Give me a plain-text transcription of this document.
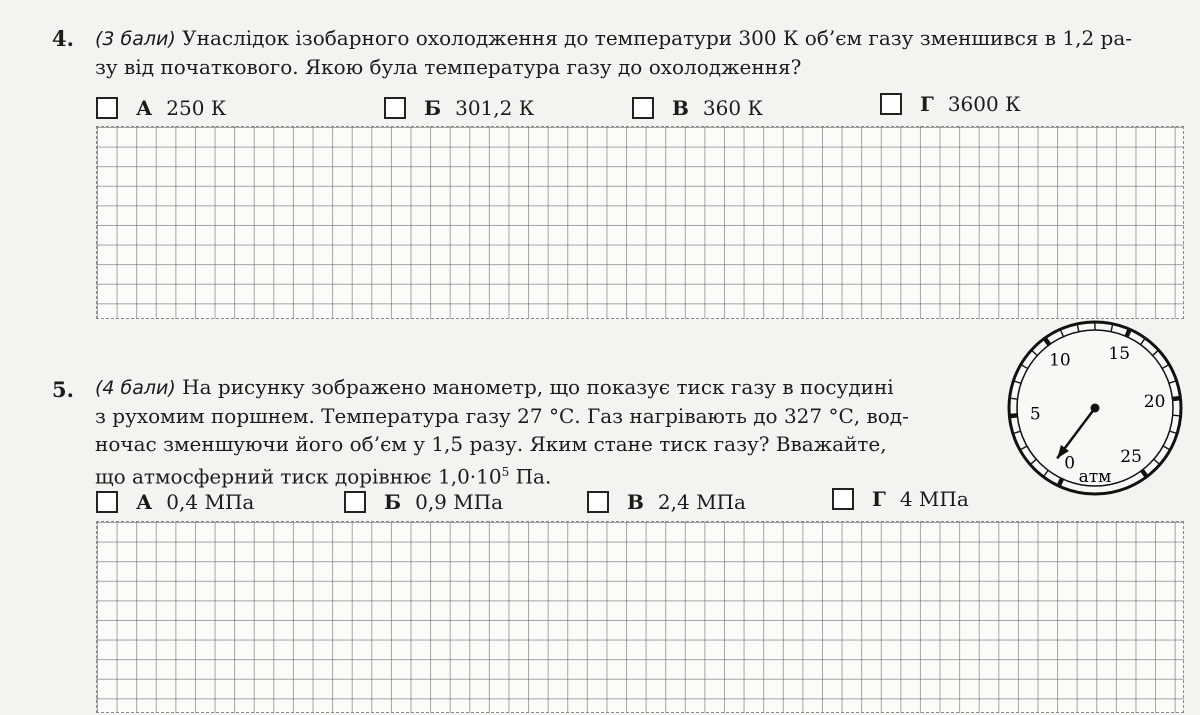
4. (3 бали) Унаслідок ізобарного охолодження до температури 300 К об’єм газу зменшився в 1,2 ра-
зу від початкового. Якою була температура газу до охолодження?
А 250 К	Б 301,2 К	В 360 К	Г 3600 К
5. (4 бали) На рисунку зображено манометр, що показує тиск газу в посудині
з рухомим поршнем. Температура газу 27 °С. Газ нагрівають до 327 °С, вод-
ночас зменшуючи його об’єм у 1,5 разу. Яким стане тиск газу? Вважайте,
що атмосферний тиск дорівнює $1,0\cdot 10^5$ Па.
А 0,4 МПа	Б 0,9 МПа	В 2,4 МПа	Г 4 МПа
0
5
10 15
20
25
атм
